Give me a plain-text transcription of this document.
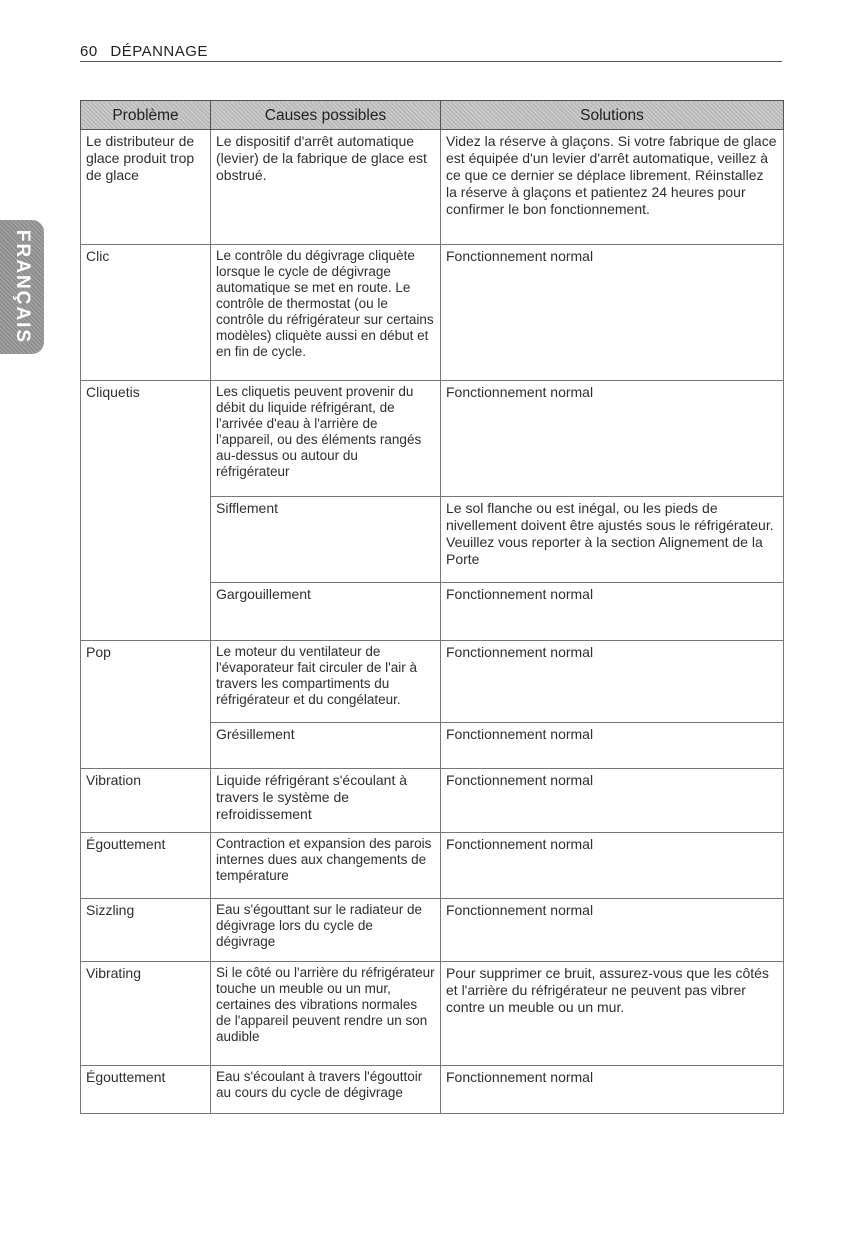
60 DÉPANNAGE
FRANÇAIS
Problème	Causes possibles	Solutions
Le distributeur de glace produit trop de glace	Le dispositif d'arrêt automatique (levier) de la fabrique de glace est obstrué.	Videz la réserve à glaçons. Si votre fabrique de glace est équipée d'un levier d'arrêt automatique, veillez à ce que ce dernier se déplace librement. Réinstallez la réserve à glaçons et patientez 24 heures pour confirmer le bon fonctionnement.
Clic	Le contrôle du dégivrage cliquète lorsque le cycle de dégivrage automatique se met en route. Le contrôle de thermostat (ou le contrôle du réfrigérateur sur certains modèles) cliquète aussi en début et en fin de cycle.	Fonctionnement normal
Cliquetis	Les cliquetis peuvent provenir du débit du liquide réfrigérant, de l'arrivée d'eau à l'arrière de l'appareil, ou des éléments rangés au-dessus ou autour du réfrigérateur	Fonctionnement normal
	Sifflement	Le sol flanche ou est inégal, ou les pieds de nivellement doivent être ajustés sous le réfrigérateur. Veuillez vous reporter à la section Alignement de la Porte
	Gargouillement	Fonctionnement normal
Pop	Le moteur du ventilateur de l'évaporateur fait circuler de l'air à travers les compartiments du réfrigérateur et du congélateur.	Fonctionnement normal
	Grésillement	Fonctionnement normal
Vibration	Liquide réfrigérant s'écoulant à travers le système de refroidissement	Fonctionnement normal
Égouttement	Contraction et expansion des parois internes dues aux changements de température	Fonctionnement normal
Sizzling	Eau s'égouttant sur le radiateur de dégivrage lors du cycle de dégivrage	Fonctionnement normal
Vibrating	Si le côté ou l'arrière du réfrigérateur touche un meuble ou un mur, certaines des vibrations normales de l'appareil peuvent rendre un son audible	Pour supprimer ce bruit, assurez-vous que les côtés et l'arrière du réfrigérateur ne peuvent pas vibrer contre un meuble ou un mur.
Égouttement	Eau s'écoulant à travers l'égouttoir au cours du cycle de dégivrage	Fonctionnement normal
